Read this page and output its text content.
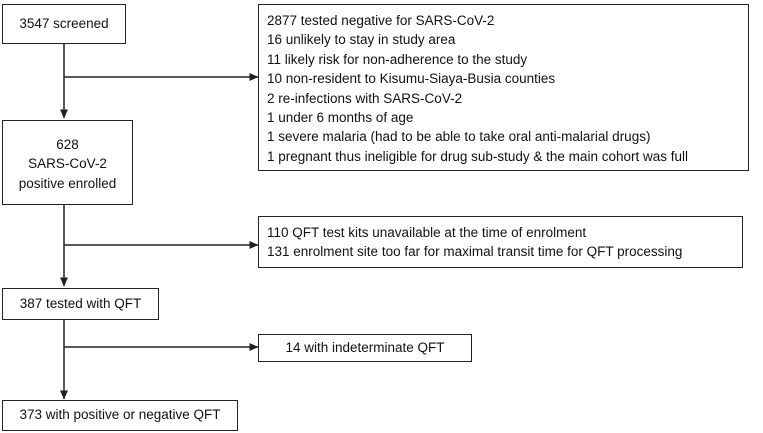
3547 screened	2877 tested negative for SARS-CoV-2
16 unlikely to stay in study area
11 likely risk for non-adherence to the study
10 non-resident to Kisumu-Siaya-Busia counties
2 re-infections with SARS-CoV-2
1 under 6 months of age
1 severe malaria (had to be able to take oral anti-malarial drugs)
1 pregnant thus ineligible for drug sub-study & the main cohort was full
628
SARS-CoV-2
positive enrolled
110 QFT test kits unavailable at the time of enrolment
131 enrolment site too far for maximal transit time for QFT processing
387 tested with QFT
14 with indeterminate QFT
373 with positive or negative QFT
